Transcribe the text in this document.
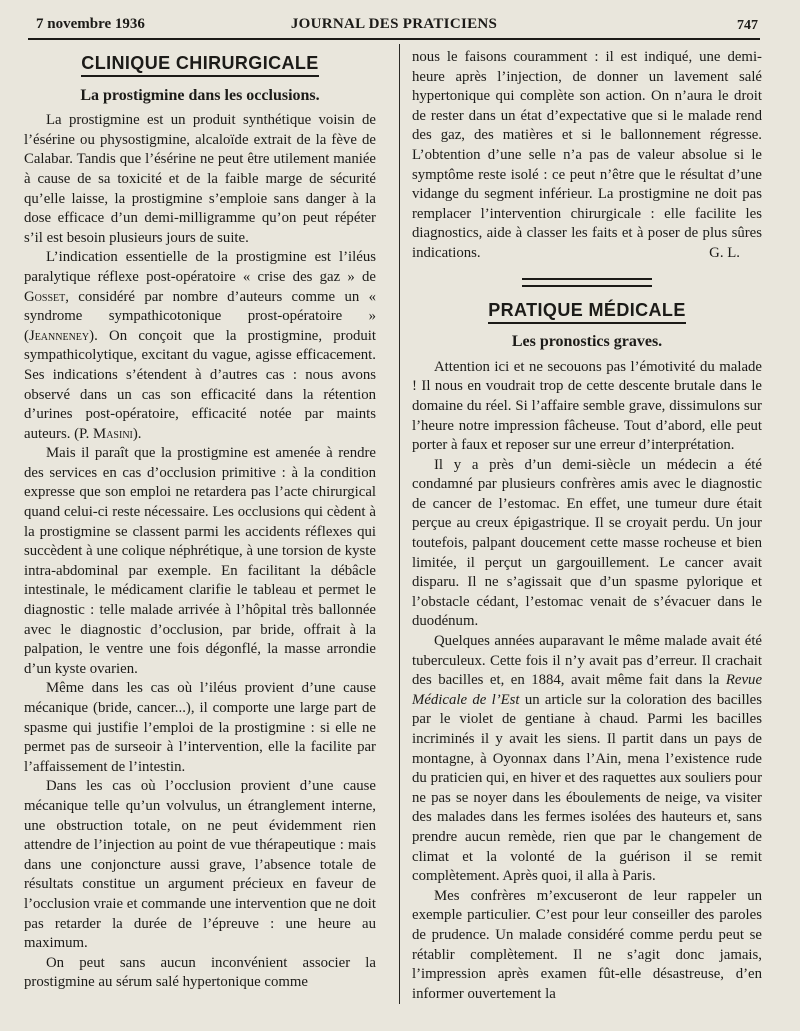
7 novembre 1936	JOURNAL DES PRATICIENS	747
CLINIQUE CHIRURGICALE
La prostigmine dans les occlusions.

La prostigmine est un produit synthétique voisin de l’ésérine ou physostigmine, alcaloïde extrait de la fève de Calabar. Tandis que l’ésérine ne peut être utilement maniée à cause de sa toxicité et de la faible marge de sécurité qu’elle laisse, la prostigmine s’emploie sans danger à la dose efficace d’un demi-milligramme qu’on peut répéter s’il est besoin plusieurs jours de suite.

L’indication essentielle de la prostigmine est l’iléus paralytique réflexe post-opératoire « crise des gaz » de Gosset, considéré par nombre d’auteurs comme un « syndrome sympathicotonique prost-opératoire » (Jeanneney). On conçoit que la prostigmine, produit sympathicolytique, excitant du vague, agisse efficacement. Ses indications s’étendent à d’autres cas : nous avons observé dans un cas son efficacité dans la rétention d’urines post-opératoire, efficacité notée par maints auteurs. (P. Masini).

Mais il paraît que la prostigmine est amenée à rendre des services en cas d’occlusion primitive : à la condition expresse que son emploi ne retardera pas l’acte chirurgical quand celui-ci reste nécessaire. Les occlusions qui cèdent à la prostigmine se classent parmi les accidents réflexes qui succèdent à une colique néphrétique, à une torsion de kyste intra-abdominal par exemple. En facilitant la débâcle intestinale, le médicament clarifie le tableau et permet le diagnostic : telle malade arrivée à l’hôpital très ballonnée avec le diagnostic d’occlusion, par bride, offrait à la palpation, le ventre une fois dégonflé, la masse arrondie d’un kyste ovarien.

Même dans les cas où l’iléus provient d’une cause mécanique (bride, cancer...), il comporte une large part de spasme qui justifie l’emploi de la prostigmine : si elle ne permet pas de surseoir à l’intervention, elle la facilite par l’affaissement de l’intestin.

Dans les cas où l’occlusion provient d’une cause mécanique telle qu’un volvulus, un étranglement interne, une obstruction totale, on ne peut évidemment rien attendre de l’injection au point de vue thérapeutique : mais dans une conjoncture aussi grave, l’absence totale de résultats constitue un argument précieux en faveur de l’occlusion vraie et commande une intervention que ne doit pas retarder la durée de l’épreuve : une heure au maximum.

On peut sans aucun inconvénient associer la prostigmine au sérum salé hypertonique comme

nous le faisons couramment : il est indiqué, une demi-heure après l’injection, de donner un lavement salé hypertonique qui complète son action. On n’aura le droit de rester dans un état d’expectative que si le malade rend des gaz, des matières et si le ballonnement régresse. L’obtention d’une selle n’a pas de valeur absolue si le symptôme reste isolé : ce peut n’être que le résultat d’une vidange du segment inférieur. La prostigmine ne doit pas remplacer l’intervention chirurgicale : elle facilite les diagnostics, aide à classer les faits et à poser de plus sûres indications.	G. L.

PRATIQUE MÉDICALE
Les pronostics graves.

Attention ici et ne secouons pas l’émotivité du malade ! Il nous en voudrait trop de cette descente brutale dans le domaine du réel. Si l’affaire semble grave, dissimulons sur l’heure notre impression fâcheuse. Tout d’abord, elle peut porter à faux et reposer sur une erreur d’interprétation.

Il y a près d’un demi-siècle un médecin a été condamné par plusieurs confrères amis avec le diagnostic de cancer de l’estomac. En effet, une tumeur dure était perçue au creux épigastrique. Il se croyait perdu. Un jour toutefois, palpant doucement cette masse rocheuse et bien limitée, il perçut un gargouillement. Le cancer avait disparu. Il ne s’agissait que d’un spasme pylorique et l’obstacle cédant, l’estomac venait de s’évacuer dans le duodénum.

Quelques années auparavant le même malade avait été tuberculeux. Cette fois il n’y avait pas d’erreur. Il crachait des bacilles et, en 1884, avait même fait dans la Revue Médicale de l’Est un article sur la coloration des bacilles par le violet de gentiane à chaud. Parmi les bacilles incriminés il y avait les siens. Il partit dans un pays de montagne, à Oyonnax dans l’Ain, mena l’existence rude du praticien qui, en hiver et des raquettes aux souliers pour ne pas se noyer dans les éboulements de neige, va visiter des malades dans les fermes isolées des hauteurs et, sans prendre aucun remède, rien que par le changement de climat et la volonté de la guérison il se remit complètement. Après quoi, il alla à Paris.

Mes confrères m’excuseront de leur rappeler un exemple particulier. C’est pour leur conseiller des paroles de prudence. Un malade considéré comme perdu peut se rétablir complètement. Il ne s’agit donc jamais, l’impression après examen fût-elle désastreuse, d’en informer ouvertement la
